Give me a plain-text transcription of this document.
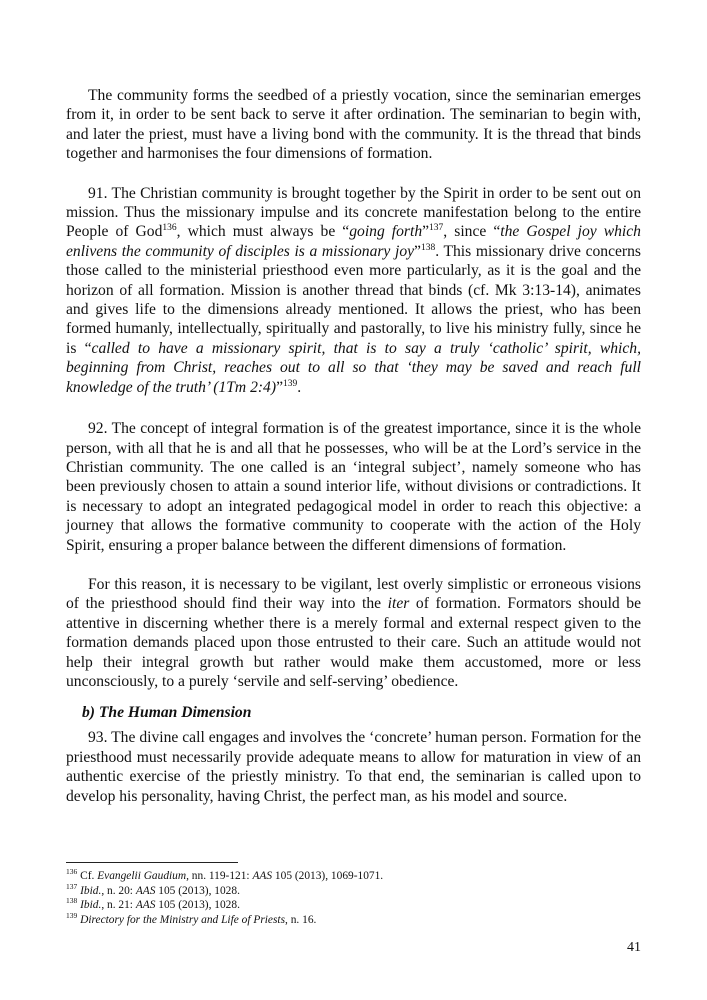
The community forms the seedbed of a priestly vocation, since the seminarian emerges from it, in order to be sent back to serve it after ordination. The seminarian to begin with, and later the priest, must have a living bond with the community. It is the thread that binds together and harmonises the four dimensions of formation.

91. The Christian community is brought together by the Spirit in order to be sent out on mission. Thus the missionary impulse and its concrete manifestation belong to the entire People of God$^{136}$, which must always be “going forth”$^{137}$, since “the Gospel joy which enlivens the community of disciples is a missionary joy”$^{138}$. This missionary drive concerns those called to the ministerial priesthood even more particularly, as it is the goal and the horizon of all formation. Mission is another thread that binds (cf. Mk 3:13-14), animates and gives life to the dimensions already mentioned. It allows the priest, who has been formed humanly, intellectually, spiritually and pastorally, to live his ministry fully, since he is “called to have a missionary spirit, that is to say a truly ‘catholic’ spirit, which, beginning from Christ, reaches out to all so that ‘they may be saved and reach full knowledge of the truth’ (1Tm 2:4)”$^{139}$.

92. The concept of integral formation is of the greatest importance, since it is the whole person, with all that he is and all that he possesses, who will be at the Lord’s service in the Christian community. The one called is an ‘integral subject’, namely someone who has been previously chosen to attain a sound interior life, without divisions or contradictions. It is necessary to adopt an integrated pedagogical model in order to reach this objective: a journey that allows the formative community to cooperate with the action of the Holy Spirit, ensuring a proper balance between the different dimensions of formation.

For this reason, it is necessary to be vigilant, lest overly simplistic or erroneous visions of the priesthood should find their way into the iter of formation. Formators should be attentive in discerning whether there is a merely formal and external respect given to the formation demands placed upon those entrusted to their care. Such an attitude would not help their integral growth but rather would make them accustomed, more or less unconsciously, to a purely ‘servile and self-serving’ obedience.

b) The Human Dimension

93. The divine call engages and involves the ‘concrete’ human person. Formation for the priesthood must necessarily provide adequate means to allow for maturation in view of an authentic exercise of the priestly ministry. To that end, the seminarian is called upon to develop his personality, having Christ, the perfect man, as his model and source.

$^{136}$ Cf. Evangelii Gaudium, nn. 119-121: AAS 105 (2013), 1069-1071.

$^{137}$ Ibid., n. 20: AAS 105 (2013), 1028.

$^{138}$ Ibid., n. 21: AAS 105 (2013), 1028.

$^{139}$ Directory for the Ministry and Life of Priests, n. 16.

41
